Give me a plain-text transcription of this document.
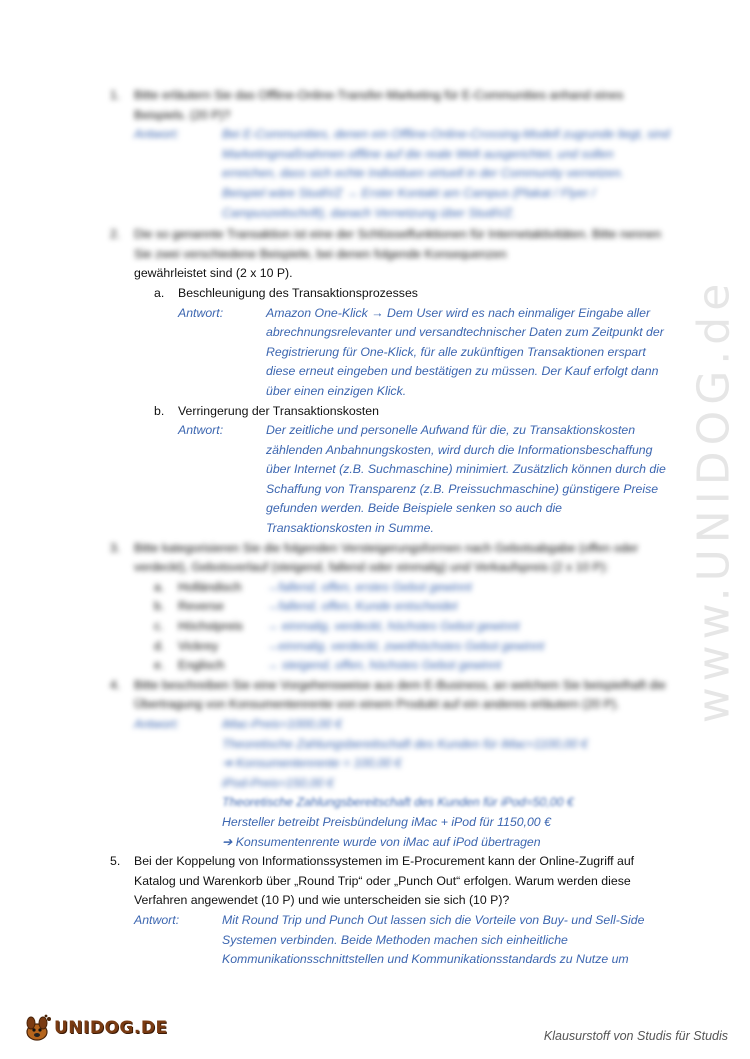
www.UNIDOG.de
1. Bitte erläutern Sie das Offline-Online-Transfer-Marketing für E-Communities anhand eines Beispiels. (20 P)?
Antwort:	Bei E-Communities, denen ein Offline-Online-Crossing-Modell zugrunde liegt, sind Marketingmaßnahmen offline auf die reale Welt ausgerichtet, und sollen erreichen, dass sich echte Individuen virtuell in der Community vernetzen. Beispiel wäre StudiVZ → Erster Kontakt am Campus (Plakat / Flyer / Campuszeitschrift), danach Vernetzung über StudiVZ.
2. Die so genannte Transaktion ist eine der Schlüsselfunktionen für Internetaktivitäten. Bitte nennen Sie zwei verschiedene Beispiele, bei denen folgende Konsequenzen
gewährleistet sind (2 x 10 P).
a.	Beschleunigung des Transaktionsprozesses
Antwort:	Amazon One-Klick → Dem User wird es nach einmaliger Eingabe aller abrechnungsrelevanter und versandtechnischer Daten zum Zeitpunkt der Registrierung für One-Klick, für alle zukünftigen Transaktionen erspart diese erneut eingeben und bestätigen zu müssen. Der Kauf erfolgt dann über einen einzigen Klick.
b.	Verringerung der Transaktionskosten
Antwort:	Der zeitliche und personelle Aufwand für die, zu Transaktionskosten zählenden Anbahnungskosten, wird durch die Informationsbeschaffung über Internet (z.B. Suchmaschine) minimiert. Zusätzlich können durch die Schaffung von Transparenz (z.B. Preissuchmaschine) günstigere Preise gefunden werden. Beide Beispiele senken so auch die Transaktionskosten in Summe.
3. Bitte kategorisieren Sie die folgenden Versteigerungsformen nach Gebotsabgabe (offen oder verdeckt), Gebotsverlauf (steigend, fallend oder einmalig) und Verkaufspreis (2 x 10 P):
a.	Holländisch	→fallend, offen, erstes Gebot gewinnt
b.	Reverse	→fallend, offen, Kunde entscheidet
c.	Höchstpreis	→ einmalig, verdeckt, höchstes Gebot gewinnt
d.	Vickrey	→einmalig, verdeckt, zweithöchstes Gebot gewinnt
e.	Englisch	→ steigend, offen, höchstes Gebot gewinnt
4. Bitte beschreiben Sie eine Vorgehensweise aus dem E-Business, an welchem Sie beispielhaft die Übertragung von Konsumentenrente von einem Produkt auf ein anderes erläutern (20 P).
Antwort:	iMac-Preis=1000,00 €
Theoretische Zahlungsbereitschaft des Kunden für iMac=1100,00 €
➔ Konsumentenrente = 100,00 €
iPod-Preis=150,00 €
Theoretische Zahlungsbereitschaft des Kunden für iPod=50,00 €
Hersteller betreibt Preisbündelung iMac + iPod für 1150,00 €
➔ Konsumentenrente wurde von iMac auf iPod übertragen
5. Bei der Koppelung von Informationssystemen im E-Procurement kann der Online-Zugriff auf Katalog und Warenkorb über „Round Trip“ oder „Punch Out“ erfolgen. Warum werden diese Verfahren angewendet (10 P) und wie unterscheiden sie sich (10 P)?
Antwort:	Mit Round Trip und Punch Out lassen sich die Vorteile von Buy- und Sell-Side Systemen verbinden. Beide Methoden machen sich einheitliche Kommunikationsschnittstellen und Kommunikationsstandards zu Nutze um
UNIDOG.DE	Klausurstoff von Studis für Studis
